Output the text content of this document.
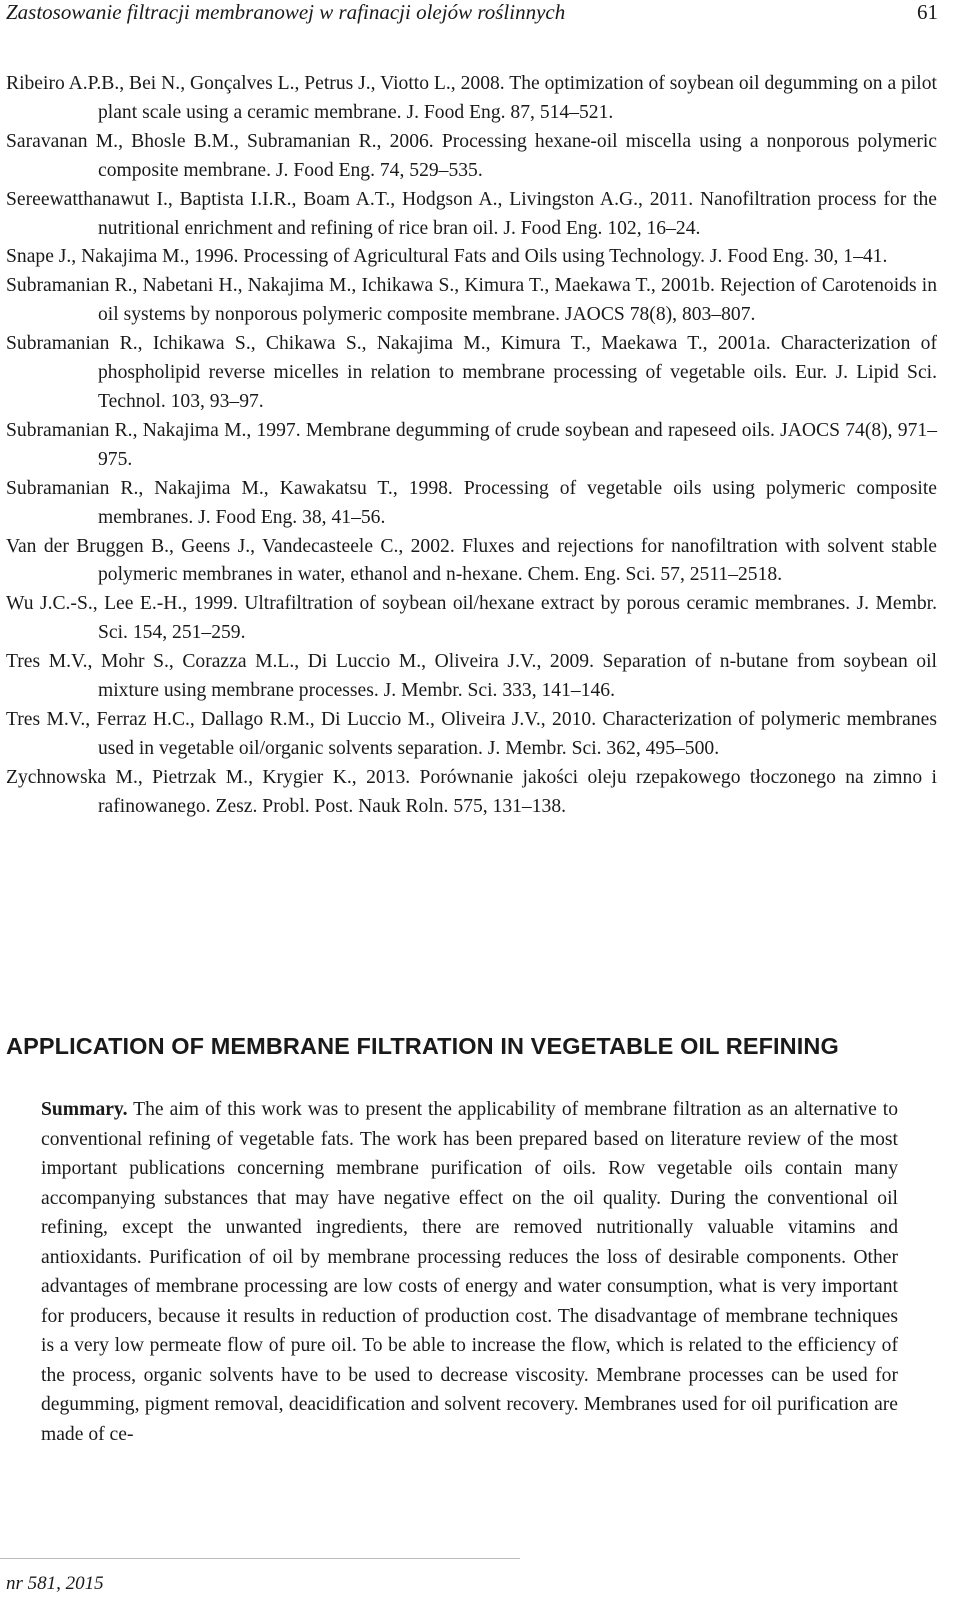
Zastosowanie filtracji membranowej w rafinacji olejów roślinnych	61

Ribeiro A.P.B., Bei N., Gonçalves L., Petrus J., Viotto L., 2008. The optimization of soybean oil degumming on a pilot plant scale using a ceramic membrane. J. Food Eng. 87, 514–521.

Saravanan M., Bhosle B.M., Subramanian R., 2006. Processing hexane-oil miscella using a nonporous polymeric composite membrane. J. Food Eng. 74, 529–535.

Sereewatthanawut I., Baptista I.I.R., Boam A.T., Hodgson A., Livingston A.G., 2011. Nanofiltration process for the nutritional enrichment and refining of rice bran oil. J. Food Eng. 102, 16–24.

Snape J., Nakajima M., 1996. Processing of Agricultural Fats and Oils using Technology. J. Food Eng. 30, 1–41.

Subramanian R., Nabetani H., Nakajima M., Ichikawa S., Kimura T., Maekawa T., 2001b. Rejection of Carotenoids in oil systems by nonporous polymeric composite membrane. JAOCS 78(8), 803–807.

Subramanian R., Ichikawa S., Chikawa S., Nakajima M., Kimura T., Maekawa T., 2001a. Characterization of phospholipid reverse micelles in relation to membrane processing of vegetable oils. Eur. J. Lipid Sci. Technol. 103, 93–97.

Subramanian R., Nakajima M., 1997. Membrane degumming of crude soybean and rapeseed oils. JAOCS 74(8), 971–975.

Subramanian R., Nakajima M., Kawakatsu T., 1998. Processing of vegetable oils using polymeric composite membranes. J. Food Eng. 38, 41–56.

Van der Bruggen B., Geens J., Vandecasteele C., 2002. Fluxes and rejections for nanofiltration with solvent stable polymeric membranes in water, ethanol and n-hexane. Chem. Eng. Sci. 57, 2511–2518.

Wu J.C.-S., Lee E.-H., 1999. Ultrafiltration of soybean oil/hexane extract by porous ceramic membranes. J. Membr. Sci. 154, 251–259.

Tres M.V., Mohr S., Corazza M.L., Di Luccio M., Oliveira J.V., 2009. Separation of n-butane from soybean oil mixture using membrane processes. J. Membr. Sci. 333, 141–146.

Tres M.V., Ferraz H.C., Dallago R.M., Di Luccio M., Oliveira J.V., 2010. Characterization of polymeric membranes used in vegetable oil/organic solvents separation. J. Membr. Sci. 362, 495–500.

Zychnowska M., Pietrzak M., Krygier K., 2013. Porównanie jakości oleju rzepakowego tłoczonego na zimno i rafinowanego. Zesz. Probl. Post. Nauk Roln. 575, 131–138.

APPLICATION OF MEMBRANE FILTRATION IN VEGETABLE OIL REFINING

Summary. The aim of this work was to present the applicability of membrane filtration as an alternative to conventional refining of vegetable fats. The work has been prepared based on literature review of the most important publications concerning membrane purification of oils. Row vegetable oils contain many accompanying substances that may have negative effect on the oil quality. During the conventional oil refining, except the unwanted ingredients, there are removed nutritionally valuable vitamins and antioxidants. Purification of oil by membrane processing reduces the loss of desirable components. Other advantages of membrane processing are low costs of energy and water consumption, what is very important for producers, because it results in reduction of production cost. The disadvantage of membrane techniques is a very low permeate flow of pure oil. To be able to increase the flow, which is related to the efficiency of the process, organic solvents have to be used to decrease viscosity. Membrane processes can be used for degumming, pigment removal, deacidification and solvent recovery. Membranes used for oil purification are made of ce-

nr 581, 2015
